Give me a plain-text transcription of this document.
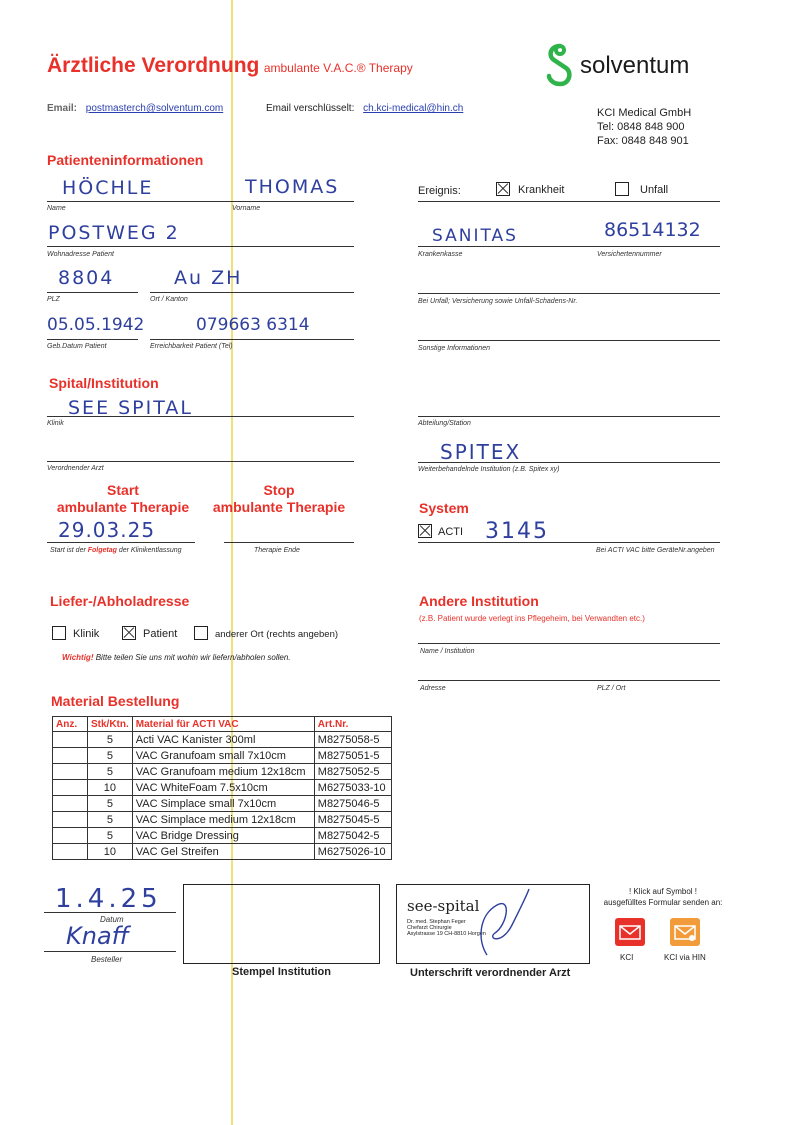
Ärztliche Verordnung ambulante V.A.C.® Therapy	solventum
Email: postmasterch@solventum.com	Email verschlüsselt: ch.kci-medical@hin.ch	KCI Medical GmbH
Tel: 0848 848 900
Fax: 0848 848 901
Patienteninformationen
HÖCHLE	THOMAS
Name	Vorname
POSTWEG 2
Wohnadresse Patient
8804	Au ZH
PLZ	Ort / Kanton
05.05.1942	079663 6314
Geb.Datum Patient	Erreichbarkeit Patient (Tel)
Ereignis:	Krankheit	Unfall
SANITAS	86514132
Krankenkasse	Versichertennummer
Bei Unfall; Versicherung sowie Unfall-Schadens-Nr.
Sonstige Informationen
Spital/Institution
SEE SPITAL
Klinik
Verordnender Arzt
Abteilung/Station
SPITEX
Weiterbehandelnde Institution (z.B. Spitex xy)
Start
ambulante Therapie
Stop
ambulante Therapie
29.03.25
Start ist der Folgetag der Klinikentlassung	Therapie Ende
System
ACTI 3145
Bei ACTI VAC bitte GeräteNr.angeben
Liefer-/Abholadresse
Klinik	Patient	anderer Ort (rechts angeben)
Wichtig! Bitte teilen Sie uns mit wohin wir liefern/abholen sollen.
Andere Institution
(z.B. Patient wurde verlegt ins Pflegeheim, bei Verwandten etc.)
Name / Institution
Adresse	PLZ / Ort
Material Bestellung
Anz.	Stk/Ktn.	Material für ACTI VAC	Art.Nr.
	5	Acti VAC Kanister 300ml	M8275058-5
	5	VAC Granufoam small 7x10cm	M8275051-5
	5	VAC Granufoam medium 12x18cm	M8275052-5
	10	VAC WhiteFoam 7.5x10cm	M6275033-10
	5	VAC Simplace small 7x10cm	M8275046-5
	5	VAC Simplace medium 12x18cm	M8275045-5
	5	VAC Bridge Dressing	M8275042-5
	10	VAC Gel Streifen	M6275026-10
1.4.25
Datum
Knaff
Besteller
Stempel Institution
see-spital
Dr. med. Stephan Feger
Chefarzt Chirurgie
Asylstrasse 19 CH-8810 Horgen
Unterschrift verordnender Arzt
! Klick auf Symbol !
ausgefülltes Formular senden an:
KCI	KCI via HIN
